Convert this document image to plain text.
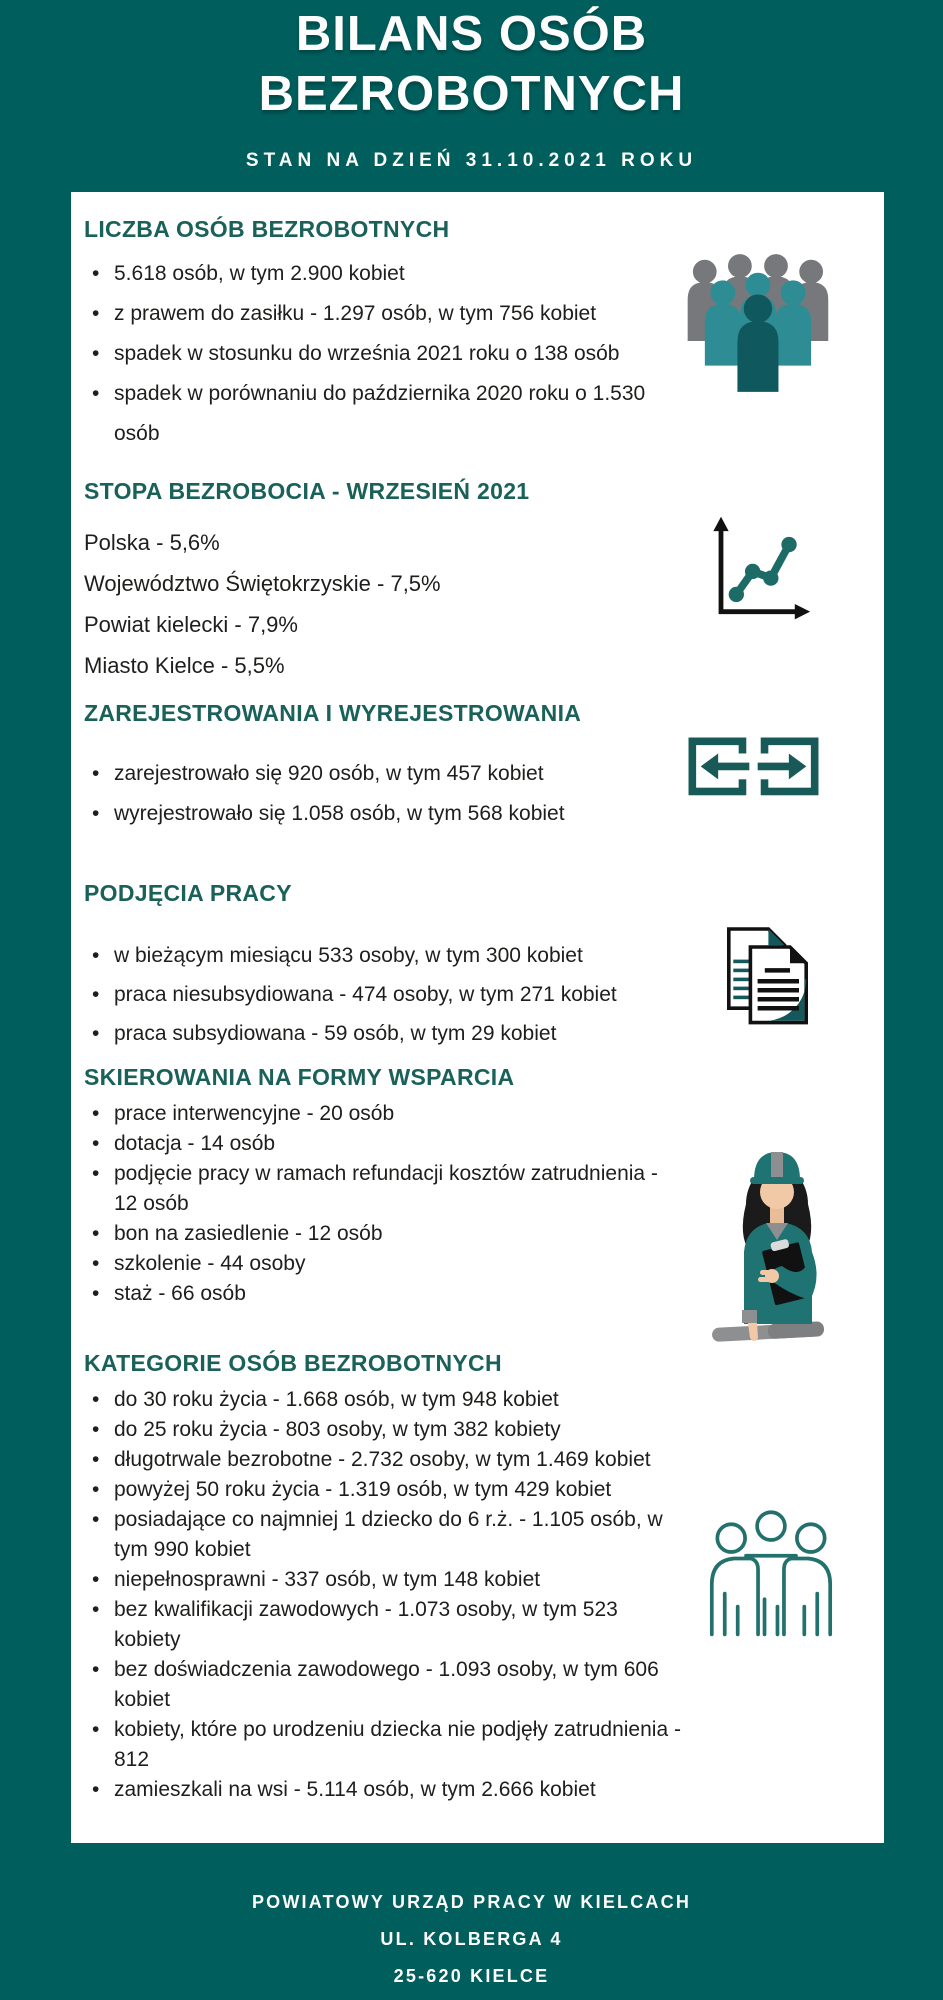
BILANS OSÓB
BEZROBOTNYCH
STAN NA DZIEŃ 31.10.2021 ROKU
LICZBA OSÓB BEZROBOTNYCH
• 5.618 osób, w tym 2.900 kobiet
• z prawem do zasiłku - 1.297 osób, w tym 756 kobiet
• spadek w stosunku do września 2021 roku o 138 osób
• spadek w porównaniu do października 2020 roku o 1.530 osób
STOPA BEZROBOCIA - WRZESIEŃ 2021
Polska - 5,6%
Województwo Świętokrzyskie - 7,5%
Powiat kielecki - 7,9%
Miasto Kielce - 5,5%
ZAREJESTROWANIA I WYREJESTROWANIA
• zarejestrowało się 920 osób, w tym 457 kobiet
• wyrejestrowało się 1.058 osób, w tym 568 kobiet
PODJĘCIA PRACY
• w bieżącym miesiącu 533 osoby, w tym 300 kobiet
• praca niesubsydiowana - 474 osoby, w tym 271 kobiet
• praca subsydiowana - 59 osób, w tym 29 kobiet
SKIEROWANIA NA FORMY WSPARCIA
• prace interwencyjne - 20 osób
• dotacja - 14 osób
• podjęcie pracy w ramach refundacji kosztów zatrudnienia - 12 osób
• bon na zasiedlenie - 12 osób
• szkolenie - 44 osoby
• staż - 66 osób
KATEGORIE OSÓB BEZROBOTNYCH
• do 30 roku życia - 1.668 osób, w tym 948 kobiet
• do 25 roku życia - 803 osoby, w tym 382 kobiety
• długotrwale bezrobotne - 2.732 osoby, w tym 1.469 kobiet
• powyżej 50 roku życia - 1.319 osób, w tym 429 kobiet
• posiadające co najmniej 1 dziecko do 6 r.ż. - 1.105 osób, w tym 990 kobiet
• niepełnosprawni - 337 osób, w tym 148 kobiet
• bez kwalifikacji zawodowych - 1.073 osoby, w tym 523 kobiety
• bez doświadczenia zawodowego - 1.093 osoby, w tym 606 kobiet
• kobiety, które po urodzeniu dziecka nie podjęły zatrudnienia - 812
• zamieszkali na wsi - 5.114 osób, w tym 2.666 kobiet
POWIATOWY URZĄD PRACY W KIELCACH
UL. KOLBERGA 4
25-620 KIELCE
